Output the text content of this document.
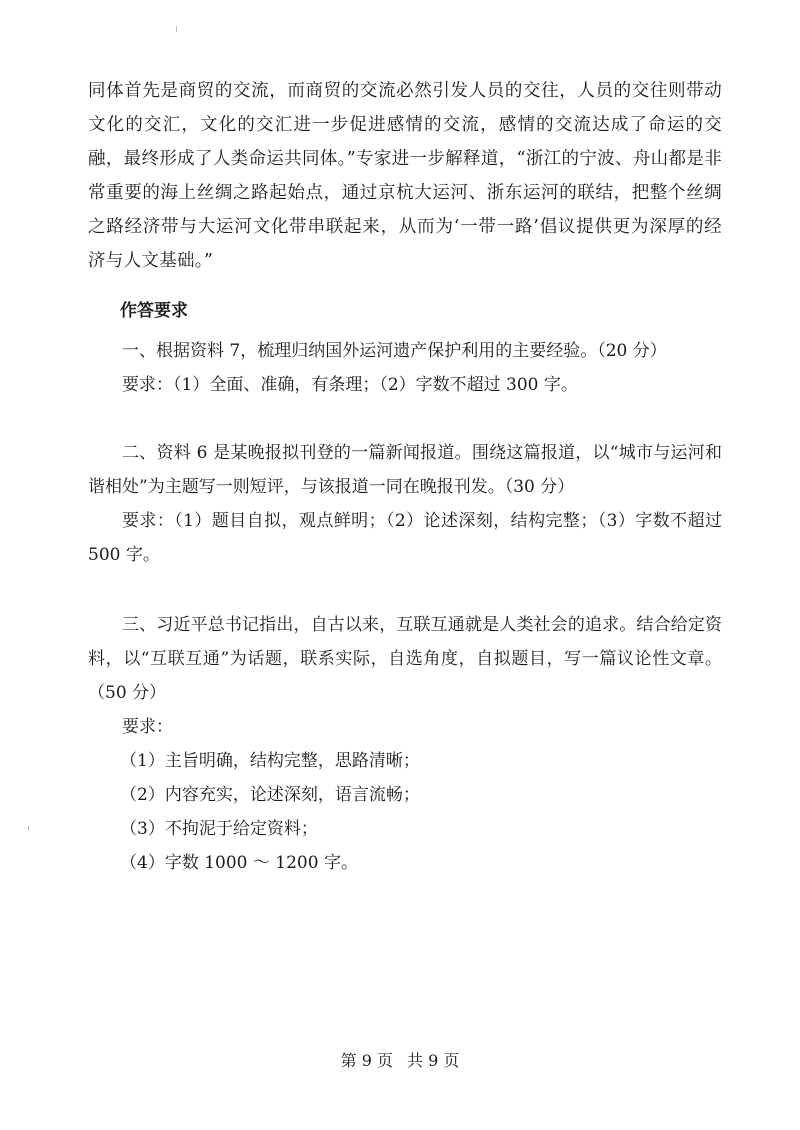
同体首先是商贸的交流，而商贸的交流必然引发人员的交往，人员的交往则带动文化的交汇，文化的交汇进一步促进感情的交流，感情的交流达成了命运的交融，最终形成了人类命运共同体。”专家进一步解释道，“浙江的宁波、舟山都是非常重要的海上丝绸之路起始点，通过京杭大运河、浙东运河的联结，把整个丝绸之路经济带与大运河文化带串联起来，从而为‘一带一路’倡议提供更为深厚的经济与人文基础。”

作答要求

一、根据资料 7，梳理归纳国外运河遗产保护利用的主要经验。（20 分）

要求：（1）全面、准确，有条理；（2）字数不超过 300 字。

二、资料 6 是某晚报拟刊登的一篇新闻报道。围绕这篇报道，以“城市与运河和谐相处”为主题写一则短评，与该报道一同在晚报刊发。（30 分）

要求：（1）题目自拟，观点鲜明；（2）论述深刻，结构完整；（3）字数不超过 500 字。

三、习近平总书记指出，自古以来，互联互通就是人类社会的追求。结合给定资料，以“互联互通”为话题，联系实际，自选角度，自拟题目，写一篇议论性文章。（50 分）

要求：

（1）主旨明确，结构完整，思路清晰；

（2）内容充实，论述深刻，语言流畅；

（3）不拘泥于给定资料；

（4）字数 1000 ～ 1200 字。

第 9 页 共 9 页
